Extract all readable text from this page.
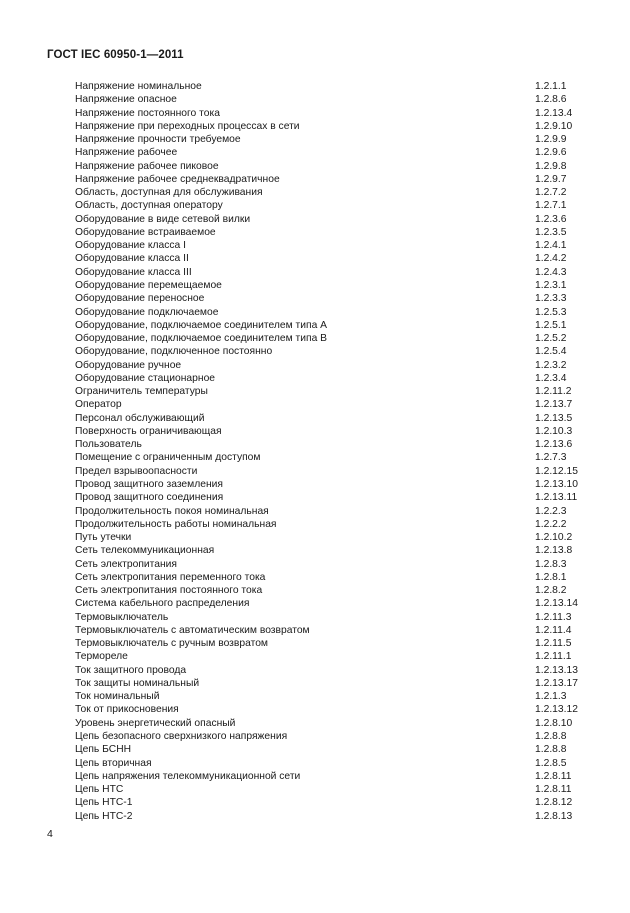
ГОСТ IEC 60950-1—2011
Напряжение номинальное	1.2.1.1
Напряжение опасное	1.2.8.6
Напряжение постоянного тока	1.2.13.4
Напряжение при переходных процессах в сети	1.2.9.10
Напряжение прочности требуемое	1.2.9.9
Напряжение рабочее	1.2.9.6
Напряжение рабочее пиковое	1.2.9.8
Напряжение рабочее среднеквадратичное	1.2.9.7
Область, доступная для обслуживания	1.2.7.2
Область, доступная оператору	1.2.7.1
Оборудование в виде сетевой вилки	1.2.3.6
Оборудование встраиваемое	1.2.3.5
Оборудование класса I	1.2.4.1
Оборудование класса II	1.2.4.2
Оборудование класса III	1.2.4.3
Оборудование перемещаемое	1.2.3.1
Оборудование переносное	1.2.3.3
Оборудование подключаемое	1.2.5.3
Оборудование, подключаемое соединителем типа А	1.2.5.1
Оборудование, подключаемое соединителем типа В	1.2.5.2
Оборудование, подключенное постоянно	1.2.5.4
Оборудование ручное	1.2.3.2
Оборудование стационарное	1.2.3.4
Ограничитель температуры	1.2.11.2
Оператор	1.2.13.7
Персонал обслуживающий	1.2.13.5
Поверхность ограничивающая	1.2.10.3
Пользователь	1.2.13.6
Помещение с ограниченным доступом	1.2.7.3
Предел взрывоопасности	1.2.12.15
Провод защитного заземления	1.2.13.10
Провод защитного соединения	1.2.13.11
Продолжительность покоя номинальная	1.2.2.3
Продолжительность работы номинальная	1.2.2.2
Путь утечки	1.2.10.2
Сеть телекоммуникационная	1.2.13.8
Сеть электропитания	1.2.8.3
Сеть электропитания переменного тока	1.2.8.1
Сеть электропитания постоянного тока	1.2.8.2
Система кабельного распределения	1.2.13.14
Термовыключатель	1.2.11.3
Термовыключатель с автоматическим возвратом	1.2.11.4
Термовыключатель с ручным возвратом	1.2.11.5
Термореле	1.2.11.1
Ток защитного провода	1.2.13.13
Ток защиты номинальный	1.2.13.17
Ток номинальный	1.2.1.3
Ток от прикосновения	1.2.13.12
Уровень энергетический опасный	1.2.8.10
Цепь безопасного сверхнизкого напряжения	1.2.8.8
Цепь БСНН	1.2.8.8
Цепь вторичная	1.2.8.5
Цепь напряжения телекоммуникационной сети	1.2.8.11
Цепь НТС	1.2.8.11
Цепь НТС-1	1.2.8.12
Цепь НТС-2	1.2.8.13
4
